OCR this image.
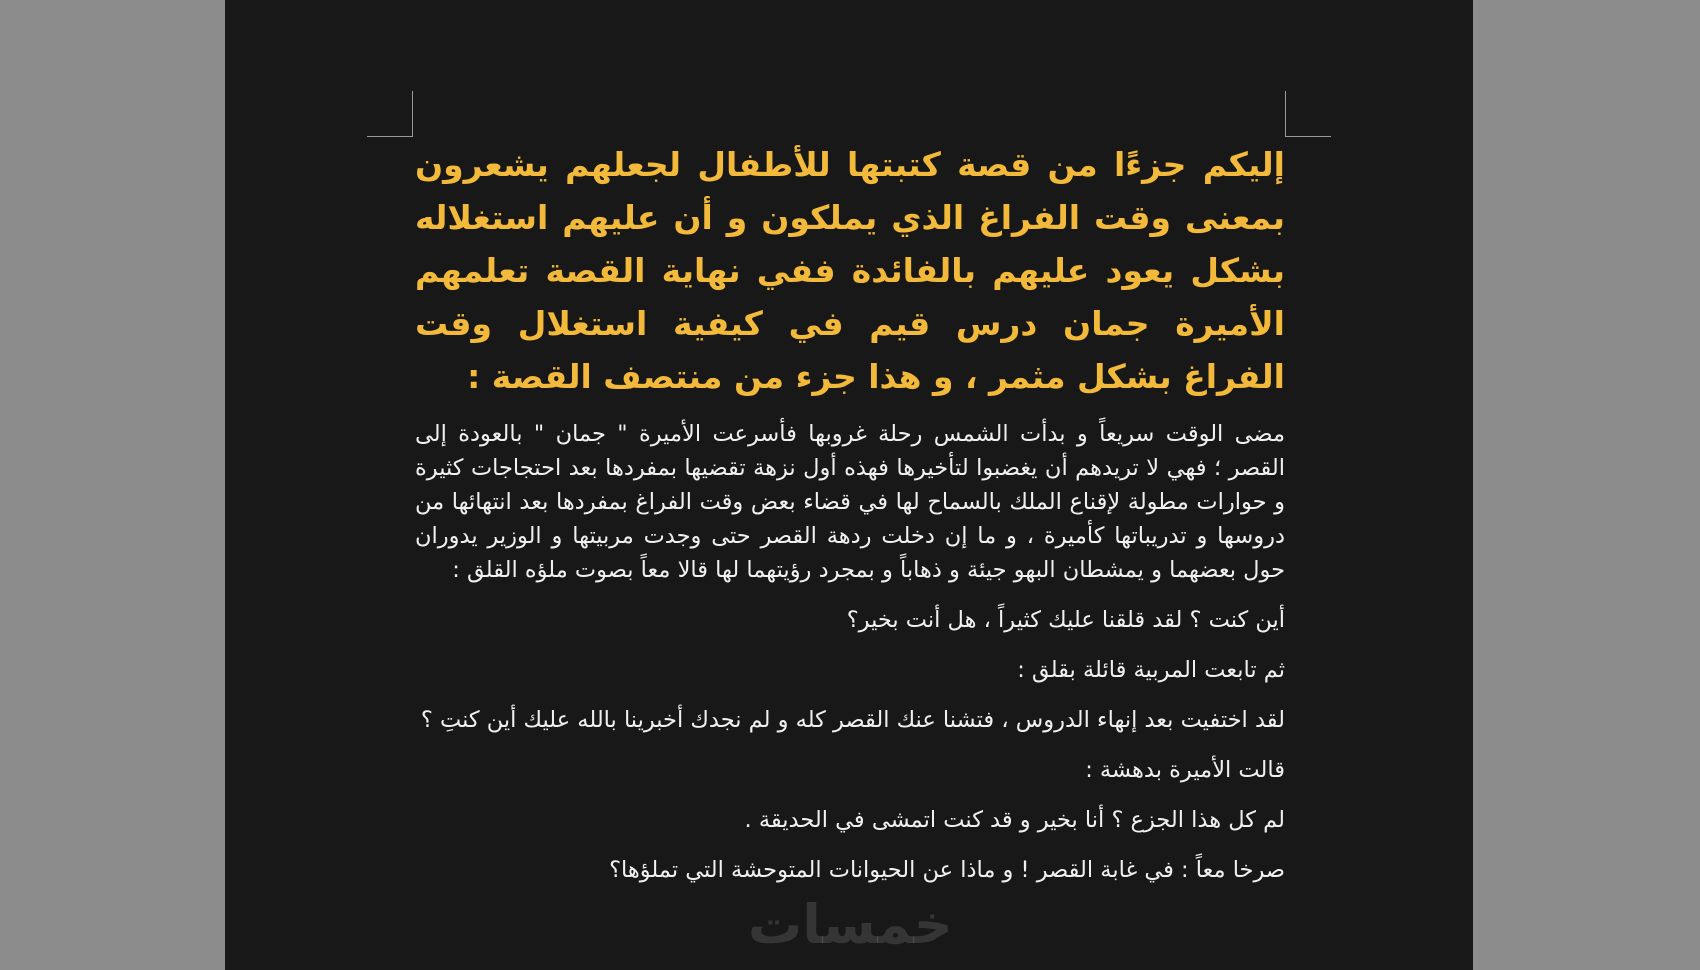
إليكم جزءًا من قصة كتبتها للأطفال لجعلهم يشعرون بمعنى وقت الفراغ الذي يملكون و أن عليهم استغلاله بشكل يعود عليهم بالفائدة ففي نهاية القصة تعلمهم الأميرة جمان درس قيم في كيفية استغلال وقت الفراغ بشكل مثمر ، و هذا جزء من منتصف القصة :

مضى الوقت سريعاً و بدأت الشمس رحلة غروبها فأسرعت الأميرة " جمان " بالعودة إلى القصر ؛ فهي لا تريدهم أن يغضبوا لتأخيرها فهذه أول نزهة تقضيها بمفردها بعد احتجاجات كثيرة و حوارات مطولة لإقناع الملك بالسماح لها في قضاء بعض وقت الفراغ بمفردها بعد انتهائها من دروسها و تدريباتها كأميرة ، و ما إن دخلت ردهة القصر حتى وجدت مربيتها و الوزير يدوران حول بعضهما و يمشطان البهو جيئة و ذهاباً و بمجرد رؤيتهما لها قالا معاً بصوت ملؤه القلق :

أين كنت ؟ لقد قلقنا عليك كثيراً ، هل أنت بخير؟

ثم تابعت المربية قائلة بقلق :

لقد اختفيت بعد إنهاء الدروس ، فتشنا عنك القصر كله و لم نجدك أخبرينا بالله عليك أين كنتِ ؟

قالت الأميرة بدهشة :

لم كل هذا الجزع ؟ أنا بخير و قد كنت اتمشى في الحديقة .

صرخا معاً : في غابة القصر ! و ماذا عن الحيوانات المتوحشة التي تملؤها؟
